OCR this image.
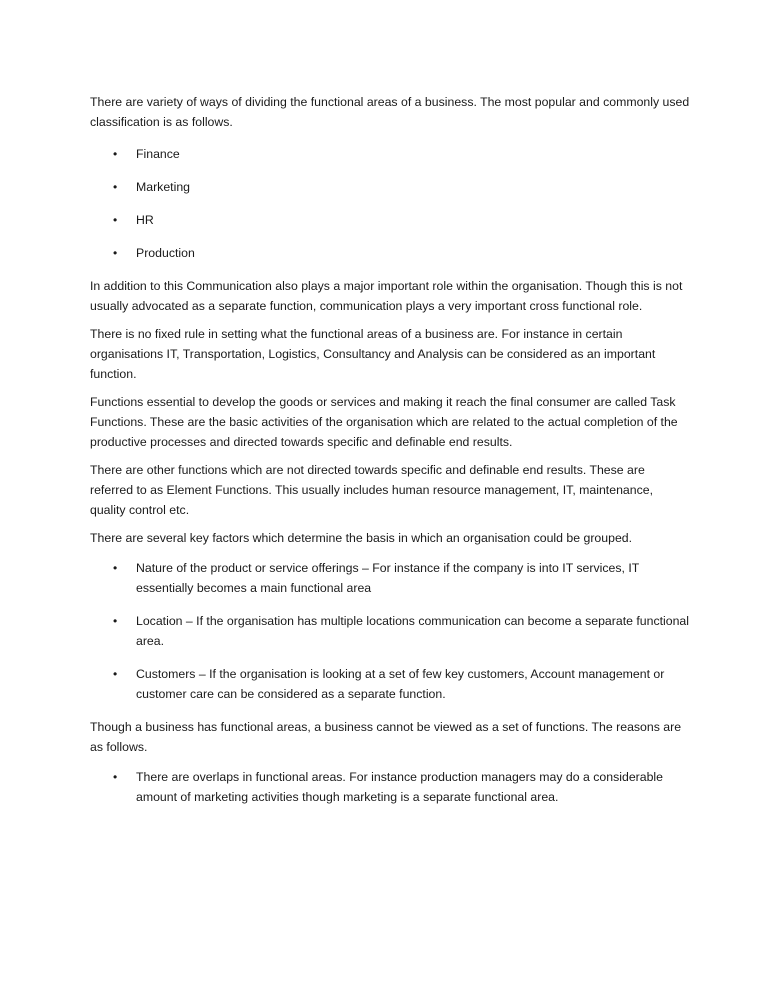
There are variety of ways of dividing the functional areas of a business. The most popular and commonly used classification is as follows.

• Finance
• Marketing
• HR
• Production

In addition to this Communication also plays a major important role within the organisation. Though this is not usually advocated as a separate function, communication plays a very important cross functional role.

There is no fixed rule in setting what the functional areas of a business are. For instance in certain organisations IT, Transportation, Logistics, Consultancy and Analysis can be considered as an important function.

Functions essential to develop the goods or services and making it reach the final consumer are called Task Functions. These are the basic activities of the organisation which are related to the actual completion of the productive processes and directed towards specific and definable end results.

There are other functions which are not directed towards specific and definable end results. These are referred to as Element Functions. This usually includes human resource management, IT, maintenance, quality control etc.

There are several key factors which determine the basis in which an organisation could be grouped.

• Nature of the product or service offerings – For instance if the company is into IT services, IT essentially becomes a main functional area
• Location – If the organisation has multiple locations communication can become a separate functional area.
• Customers – If the organisation is looking at a set of few key customers, Account management or customer care can be considered as a separate function.

Though a business has functional areas, a business cannot be viewed as a set of functions. The reasons are as follows.

• There are overlaps in functional areas. For instance production managers may do a considerable amount of marketing activities though marketing is a separate functional area.
